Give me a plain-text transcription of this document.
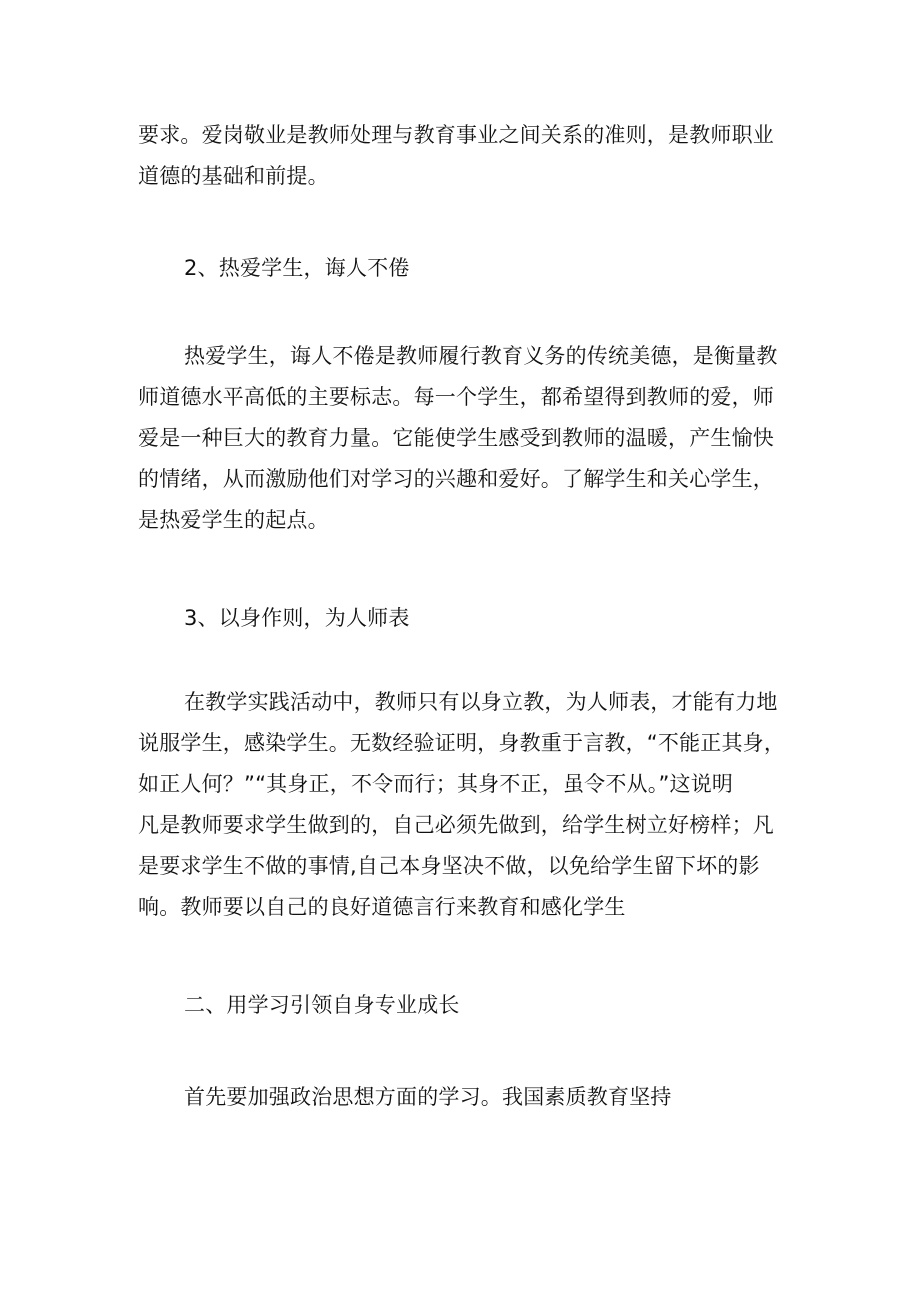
要求。爱岗敬业是教师处理与教育事业之间关系的准则，是教师职业
道德的基础和前提。
2、热爱学生，诲人不倦
热爱学生，诲人不倦是教师履行教育义务的传统美德，是衡量教
师道德水平高低的主要标志。每一个学生，都希望得到教师的爱，师
爱是一种巨大的教育力量。它能使学生感受到教师的温暖，产生愉快
的情绪，从而激励他们对学习的兴趣和爱好。了解学生和关心学生，
是热爱学生的起点。
3、以身作则，为人师表
在教学实践活动中，教师只有以身立教，为人师表，才能有力地
说服学生，感染学生。无数经验证明，身教重于言教，“不能正其身，
如正人何？”“其身正，不令而行；其身不正，虽令不从。”这说明
凡是教师要求学生做到的，自己必须先做到，给学生树立好榜样；凡
是要求学生不做的事情,自己本身坚决不做，以免给学生留下坏的影
响。教师要以自己的良好道德言行来教育和感化学生
二、用学习引领自身专业成长
首先要加强政治思想方面的学习。我国素质教育坚持
